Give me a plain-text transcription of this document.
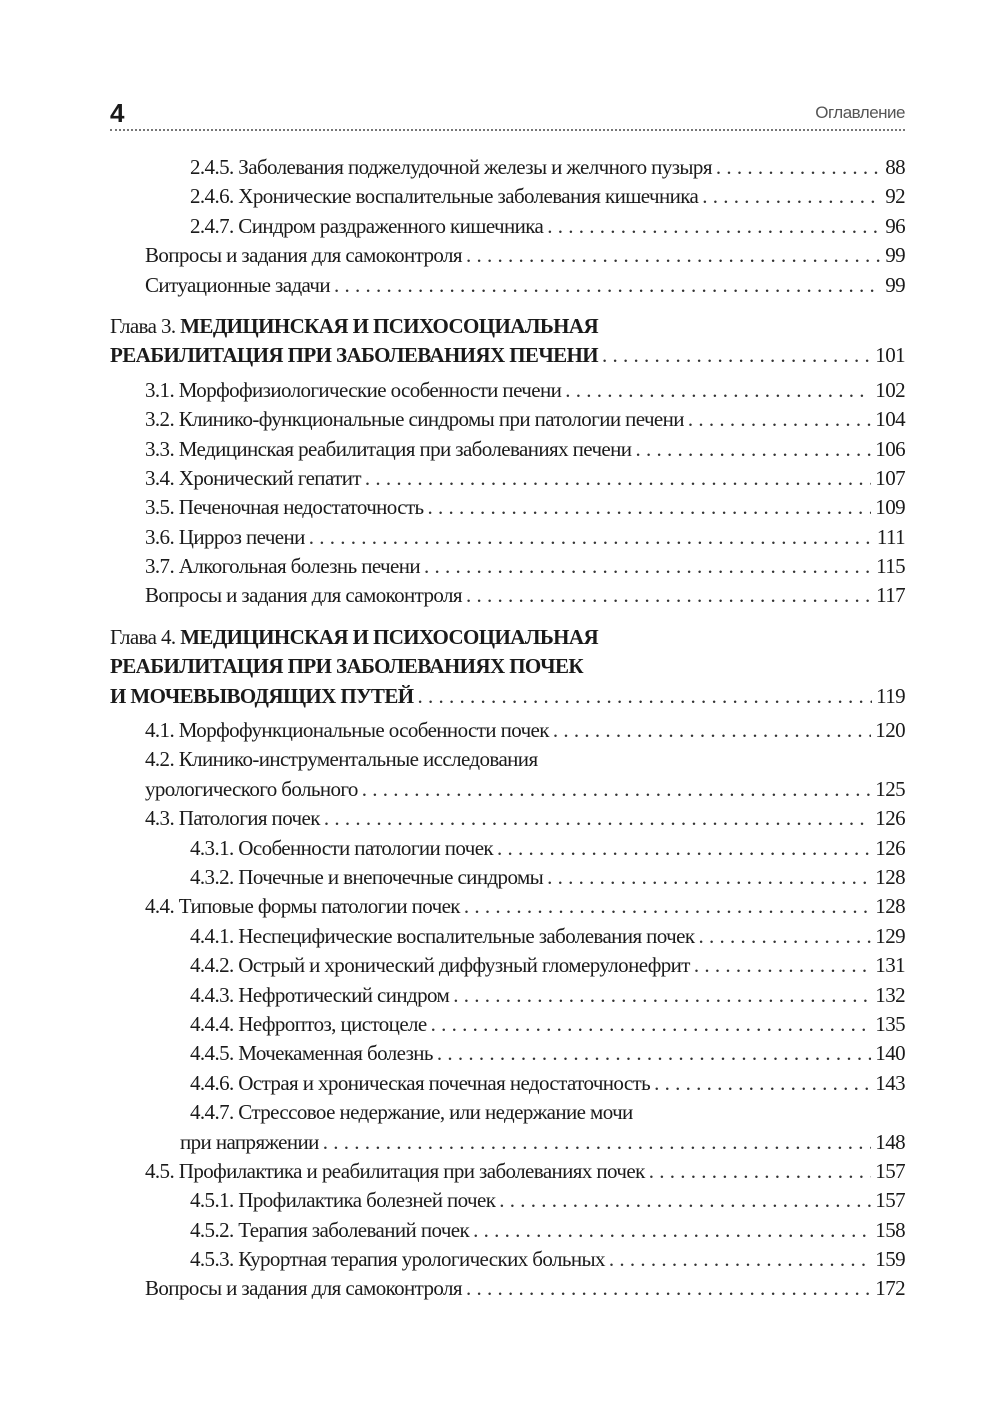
4	Оглавление
2.4.5. Заболевания поджелудочной железы и желчного пузыря . . .	88
2.4.6. Хронические воспалительные заболевания кишечника . . .	92
2.4.7. Синдром раздраженного кишечника . . .	96
Вопросы и задания для самоконтроля . . .	99
Ситуационные задачи . . .	99
Глава 3. МЕДИЦИНСКАЯ И ПСИХОСОЦИАЛЬНАЯ
РЕАБИЛИТАЦИЯ ПРИ ЗАБОЛЕВАНИЯХ ПЕЧЕНИ . . .	101
3.1. Морфофизиологические особенности печени . . .	102
3.2. Клинико-функциональные синдромы при патологии печени . . .	104
3.3. Медицинская реабилитация при заболеваниях печени . . .	106
3.4. Хронический гепатит . . .	107
3.5. Печеночная недостаточность . . .	109
3.6. Цирроз печени . . .	111
3.7. Алкогольная болезнь печени . . .	115
Вопросы и задания для самоконтроля . . .	117
Глава 4. МЕДИЦИНСКАЯ И ПСИХОСОЦИАЛЬНАЯ
РЕАБИЛИТАЦИЯ ПРИ ЗАБОЛЕВАНИЯХ ПОЧЕК
И МОЧЕВЫВОДЯЩИХ ПУТЕЙ . . .	119
4.1. Морфофункциональные особенности почек . . .	120
4.2. Клинико-инструментальные исследования
урологического больного . . .	125
4.3. Патология почек . . .	126
4.3.1. Особенности патологии почек . . .	126
4.3.2. Почечные и внепочечные синдромы . . .	128
4.4. Типовые формы патологии почек . . .	128
4.4.1. Неспецифические воспалительные заболевания почек . . .	129
4.4.2. Острый и хронический диффузный гломерулонефрит . . .	131
4.4.3. Нефротический синдром . . .	132
4.4.4. Нефроптоз, цистоцеле . . .	135
4.4.5. Мочекаменная болезнь . . .	140
4.4.6. Острая и хроническая почечная недостаточность . . .	143
4.4.7. Стрессовое недержание, или недержание мочи
при напряжении . . .	148
4.5. Профилактика и реабилитация при заболеваниях почек . . .	157
4.5.1. Профилактика болезней почек . . .	157
4.5.2. Терапия заболеваний почек . . .	158
4.5.3. Курортная терапия урологических больных . . .	159
Вопросы и задания для самоконтроля . . .	172
